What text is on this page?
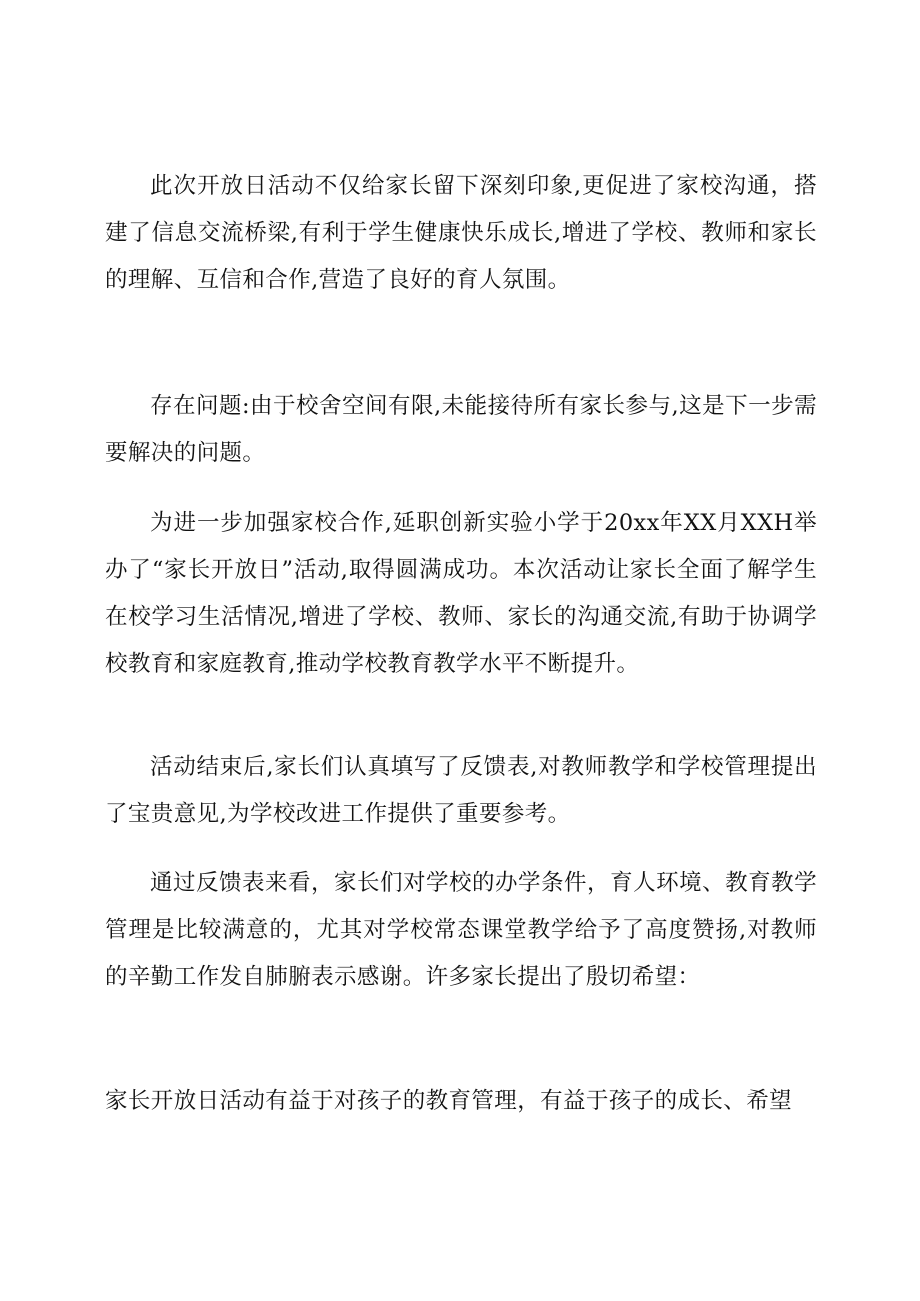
此次开放日活动不仅给家长留下深刻印象,更促进了家校沟通，搭建了信息交流桥梁,有利于学生健康快乐成长,增进了学校、教师和家长的理解、互信和合作,营造了良好的育人氛围。

存在问题:由于校舍空间有限,未能接待所有家长参与,这是下一步需要解决的问题。

为进一步加强家校合作,延职创新实验小学于20xx年XX月XXH举办了“家长开放日”活动,取得圆满成功。本次活动让家长全面了解学生在校学习生活情况,增进了学校、教师、家长的沟通交流,有助于协调学校教育和家庭教育,推动学校教育教学水平不断提升。

活动结束后,家长们认真填写了反馈表,对教师教学和学校管理提出了宝贵意见,为学校改进工作提供了重要参考。

通过反馈表来看，家长们对学校的办学条件，育人环境、教育教学管理是比较满意的，尤其对学校常态课堂教学给予了高度赞扬,对教师的辛勤工作发自肺腑表示感谢。许多家长提出了殷切希望：

家长开放日活动有益于对孩子的教育管理，有益于孩子的成长、希望
